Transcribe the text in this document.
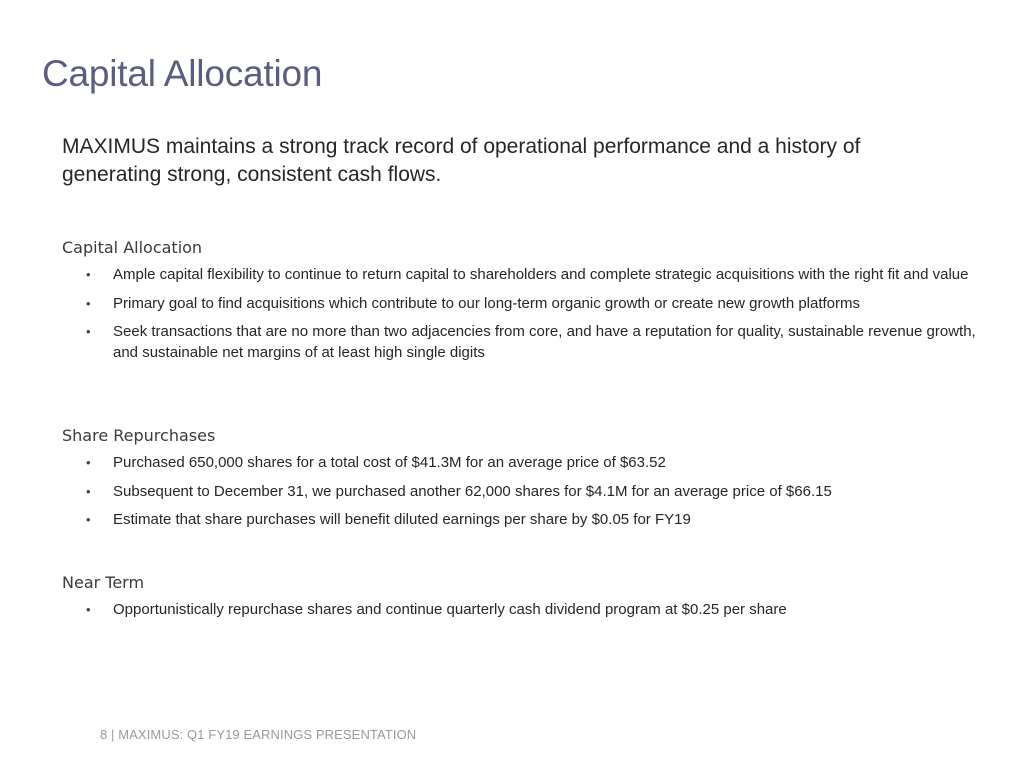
Capital Allocation

MAXIMUS maintains a strong track record of operational performance and a history of generating strong, consistent cash flows.

Capital Allocation
• Ample capital flexibility to continue to return capital to shareholders and complete strategic acquisitions with the right fit and value
• Primary goal to find acquisitions which contribute to our long-term organic growth or create new growth platforms
• Seek transactions that are no more than two adjacencies from core, and have a reputation for quality, sustainable revenue growth, and sustainable net margins of at least high single digits
Share Repurchases
• Purchased 650,000 shares for a total cost of $41.3M for an average price of $63.52
• Subsequent to December 31, we purchased another 62,000 shares for $4.1M for an average price of $66.15
• Estimate that share purchases will benefit diluted earnings per share by $0.05 for FY19
Near Term
• Opportunistically repurchase shares and continue quarterly cash dividend program at $0.25 per share

8 | MAXIMUS: Q1 FY19 EARNINGS PRESENTATION
